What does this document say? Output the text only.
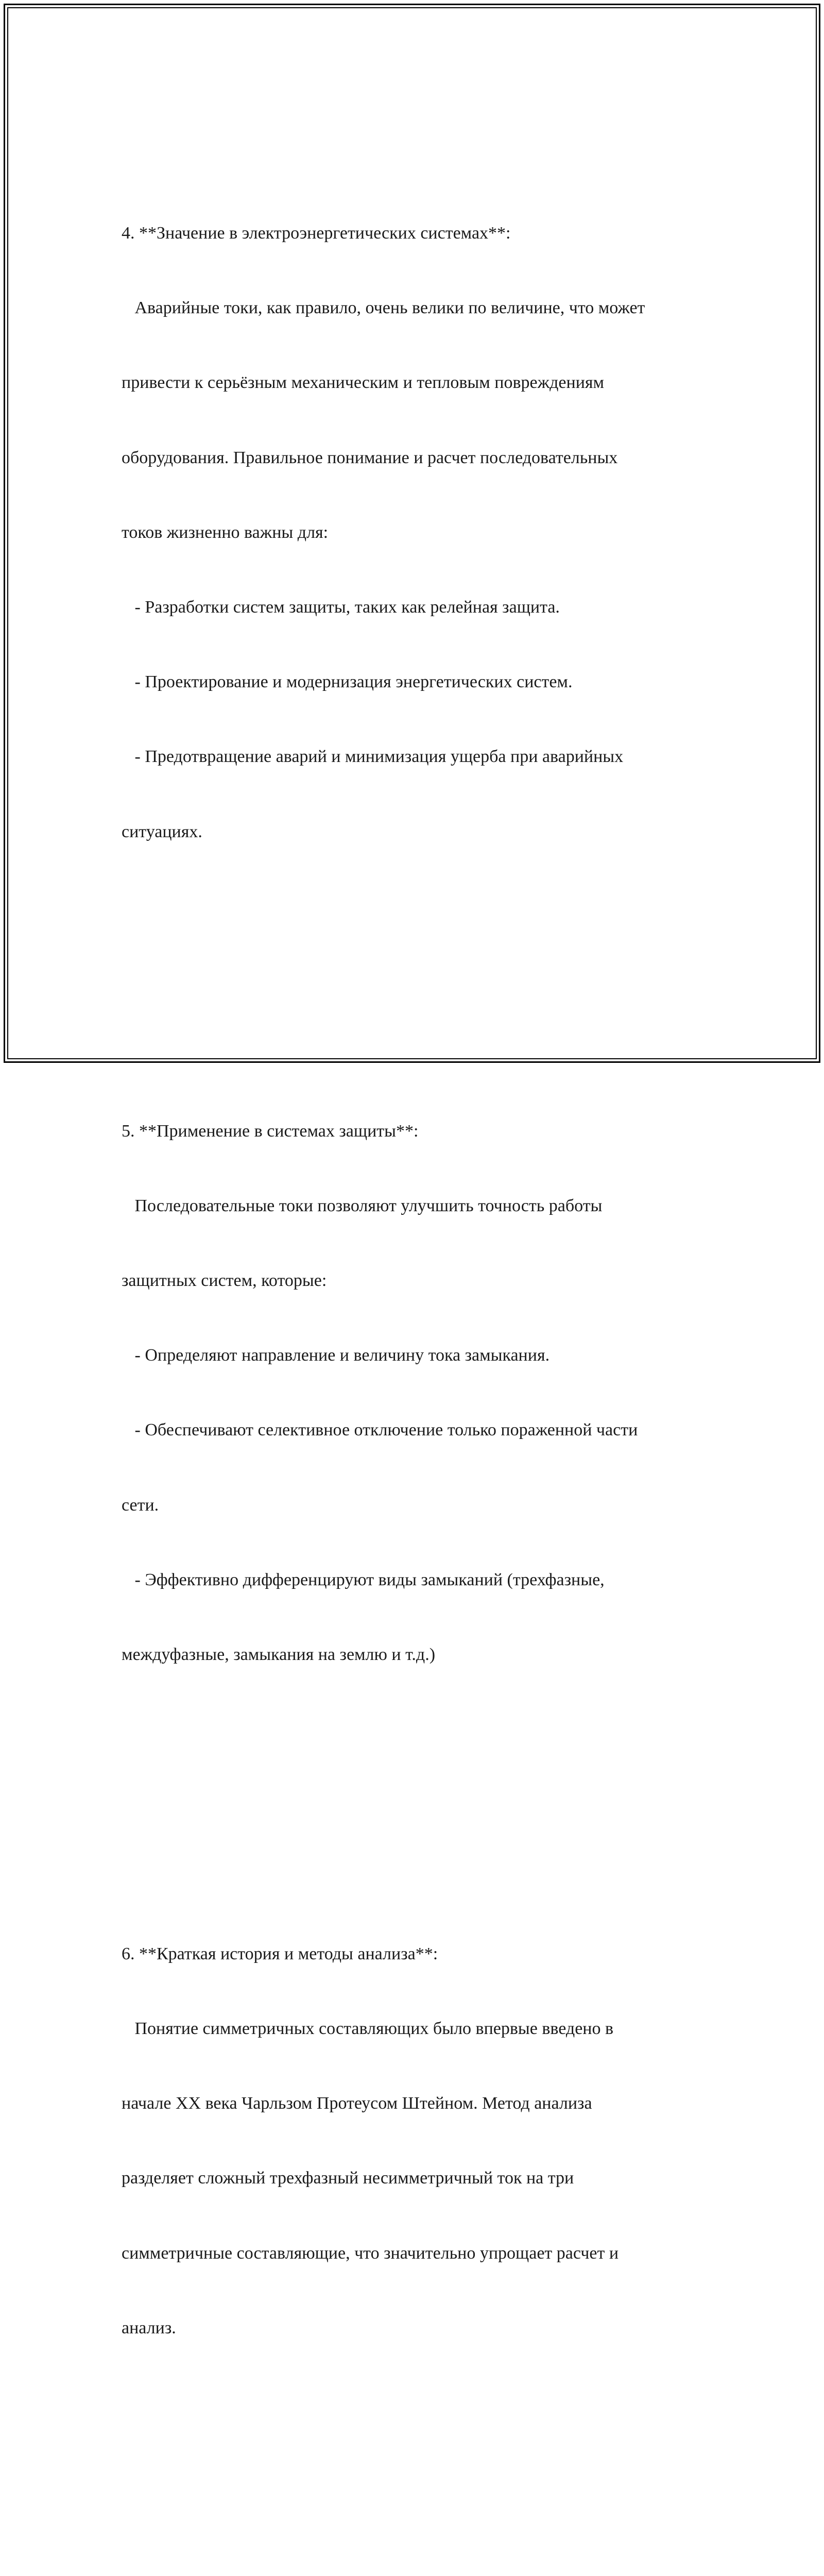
4. **Значение в электроэнергетических системах**:

Аварийные токи, как правило, очень велики по величине, что может

привести к серьёзным механическим и тепловым повреждениям

оборудования. Правильное понимание и расчет последовательных

токов жизненно важны для:

- Разработки систем защиты, таких как релейная защита.

- Проектирование и модернизация энергетических систем.

- Предотвращение аварий и минимизация ущерба при аварийных

ситуациях.

5. **Применение в системах защиты**:

Последовательные токи позволяют улучшить точность работы

защитных систем, которые:

- Определяют направление и величину тока замыкания.

- Обеспечивают селективное отключение только пораженной части

сети.

- Эффективно дифференцируют виды замыканий (трехфазные,

междуфазные, замыкания на землю и т.д.)

6. **Краткая история и методы анализа**:

Понятие симметричных составляющих было впервые введено в

начале XX века Чарльзом Протеусом Штейном. Метод анализа

разделяет сложный трехфазный несимметричный ток на три

симметричные составляющие, что значительно упрощает расчет и

анализ.
